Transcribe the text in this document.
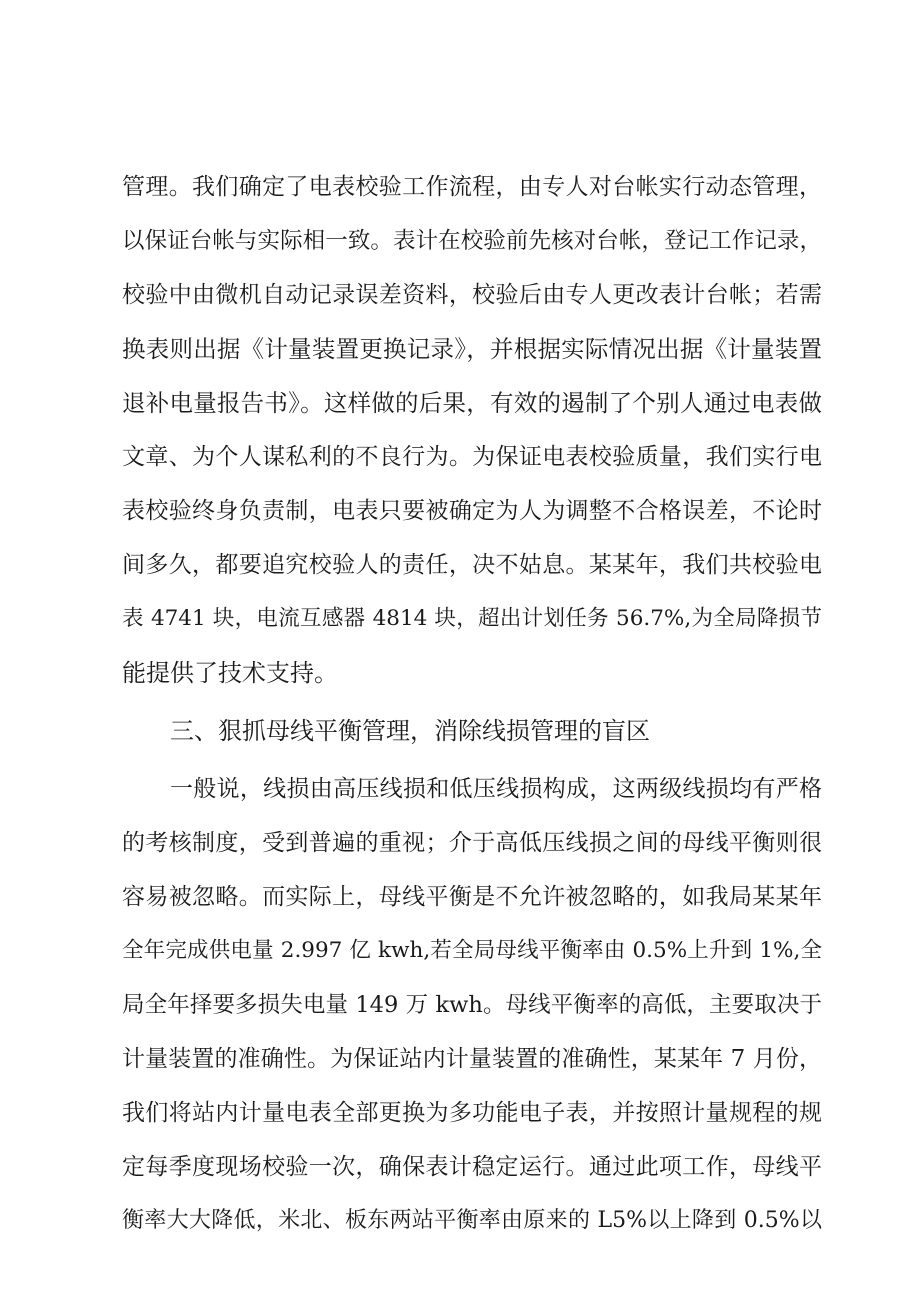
管理。我们确定了电表校验工作流程，由专人对台帐实行动态管理，
以保证台帐与实际相一致。表计在校验前先核对台帐，登记工作记录，
校验中由微机自动记录误差资料，校验后由专人更改表计台帐；若需
换表则出据《计量装置更换记录》，并根据实际情况出据《计量装置
退补电量报告书》。这样做的后果，有效的遏制了个别人通过电表做
文章、为个人谋私利的不良行为。为保证电表校验质量，我们实行电
表校验终身负责制，电表只要被确定为人为调整不合格误差，不论时
间多久，都要追究校验人的责任，决不姑息。某某年，我们共校验电
表 4741 块，电流互感器 4814 块，超出计划任务 56.7%,为全局降损节
能提供了技术支持。
三、狠抓母线平衡管理，消除线损管理的盲区
一般说，线损由高压线损和低压线损构成，这两级线损均有严格
的考核制度，受到普遍的重视；介于高低压线损之间的母线平衡则很
容易被忽略。而实际上，母线平衡是不允许被忽略的，如我局某某年
全年完成供电量 2.997 亿 kwh,若全局母线平衡率由 0.5%上升到 1%,全
局全年择要多损失电量 149 万 kwh。母线平衡率的高低，主要取决于
计量装置的准确性。为保证站内计量装置的准确性，某某年 7 月份，
我们将站内计量电表全部更换为多功能电子表，并按照计量规程的规
定每季度现场校验一次，确保表计稳定运行。通过此项工作，母线平
衡率大大降低，米北、板东两站平衡率由原来的 L5%以上降到 0.5%以
